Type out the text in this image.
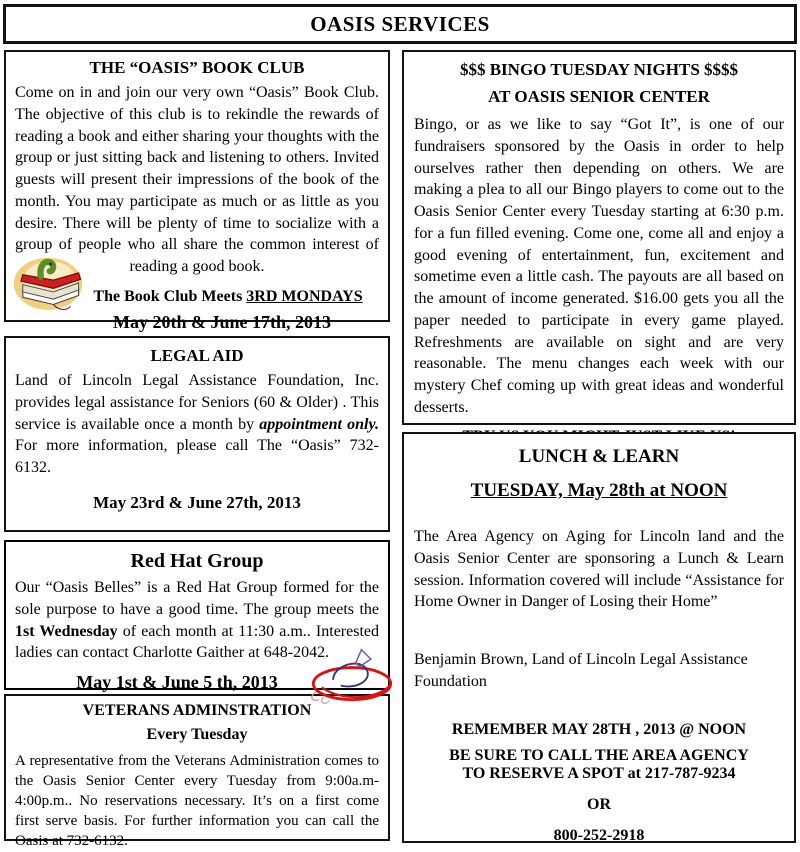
OASIS SERVICES
THE “OASIS” BOOK CLUB

Come on in and join our very own “Oasis” Book Club. The objective of this club is to rekindle the rewards of reading a book and either sharing your thoughts with the group or just sitting back and listening to others. Invited guests will present their impressions of the book of the month. You may participate as much or as little as you desire. There will be plenty of time to socialize with a group of people who all share the common interest of reading a good book.

The Book Club Meets 3RD MONDAYS
May 20th & June 17th, 2013
LEGAL AID

Land of Lincoln Legal Assistance Foundation, Inc. provides legal assistance for Seniors (60 & Older) . This service is available once a month by appointment only. For more information, please call The “Oasis” 732-6132.

May 23rd & June 27th, 2013
Red Hat Group

Our “Oasis Belles” is a Red Hat Group formed for the sole purpose to have a good time. The group meets the 1st Wednesday of each month at 11:30 a.m.. Interested ladies can contact Charlotte Gaither at 648-2042.

May 1st & June 5 th, 2013
VETERANS ADMINSTRATION
Every Tuesday

A representative from the Veterans Administration comes to the Oasis Senior Center every Tuesday from 9:00a.m-4:00p.m.. No reservations necessary. It’s on a first come first serve basis. For further information you can call the Oasis at 732-6132.

$$$ BINGO TUESDAY NIGHTS $$$$
AT OASIS SENIOR CENTER

Bingo, or as we like to say “Got It”, is one of our fundraisers sponsored by the Oasis in order to help ourselves rather then depending on others. We are making a plea to all our Bingo players to come out to the Oasis Senior Center every Tuesday starting at 6:30 p.m. for a fun filled evening. Come one, come all and enjoy a good evening of entertainment, fun, excitement and sometime even a little cash. The payouts are all based on the amount of income generated. $16.00 gets you all the paper needed to participate in every game played. Refreshments are available on sight and are very reasonable. The menu changes each week with our mystery Chef coming up with great ideas and wonderful desserts.

LUNCH & LEARN
TUESDAY, May 28th at NOON

The Area Agency on Aging for Lincoln land and the Oasis Senior Center are sponsoring a Lunch & Learn session. Information covered will include “Assistance for Home Owner in Danger of Losing their Home”

Benjamin Brown, Land of Lincoln Legal Assistance Foundation

REMEMBER MAY 28TH , 2013 @ NOON
BE SURE TO CALL THE AREA AGENCY TO RESERVE A SPOT at 217-787-9234
OR
800-252-2918
